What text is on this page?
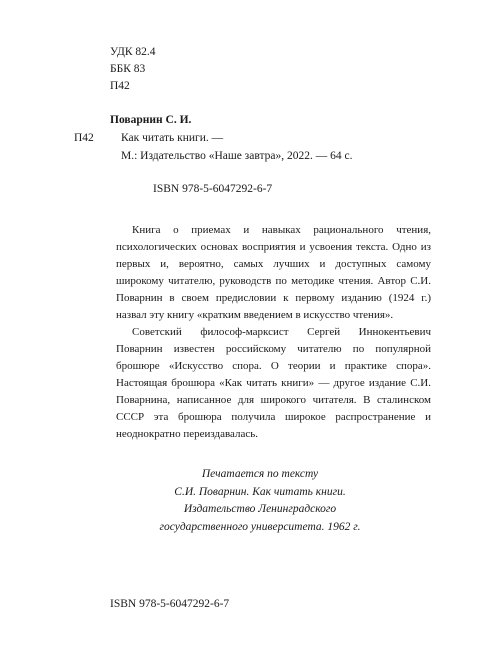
УДК 82.4
ББК 83
П42
Поварнин С. И.
П42 Как читать книги. —
М.: Издательство «Наше завтра», 2022. — 64 с.
ISBN 978-5-6047292-6-7

Книга о приемах и навыках рационального чтения, психологических основах восприятия и усвоения текста. Одно из первых и, вероятно, самых лучших и доступных самому широкому читателю, руководств по методике чтения. Автор С.И. Поварнин в своем предисловии к первому изданию (1924 г.) назвал эту книгу «кратким введением в искусство чтения».

Советский философ-марксист Сергей Иннокентьевич Поварнин известен российскому читателю по популярной брошюре «Искусство спора. О теории и практике спора». Настоящая брошюра «Как читать книги» — другое издание С.И. Поварнина, написанное для широкого читателя. В сталинском СССР эта брошюра получила широкое распространение и неоднократно переиздавалась.

Печатается по тексту
С.И. Поварнин. Как читать книги.
Издательство Ленинградского
государственного университета. 1962 г.
ISBN 978-5-6047292-6-7
